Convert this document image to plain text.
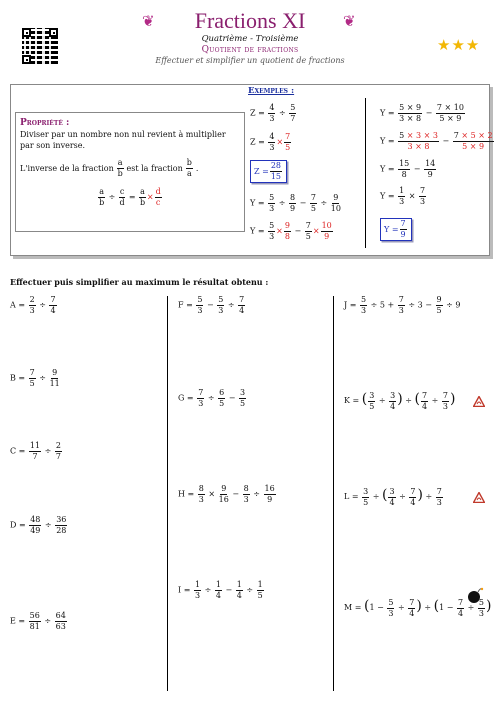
❦	❦
Fractions XI
Quatrième - Troisième
Quotient de fractions
Effectuer et simplifier un quotient de fractions
★★★
Propriété :
Diviser par un nombre non nul revient à multiplier par son inverse.
L'inverse de la fraction $\frac{a}{b}$ est la fraction $\frac{b}{a}$ .
$\frac{a}{b} \div \frac{c}{d} = \frac{a}{b} \times \frac{d}{c}$
Exemples :
$Z = \frac{4}{3} \div \frac{5}{7}$
$Z = \frac{4}{3} \times \frac{7}{5}$
$Z = \frac{28}{15}$
$Y = \frac{5}{3} \div \frac{8}{9} - \frac{7}{5} \div \frac{9}{10}$
$Y = \frac{5}{3} \times \frac{9}{8} - \frac{7}{5} \times \frac{10}{9}$
$Y = \frac{5 \times 9}{3 \times 8} - \frac{7 \times 10}{5 \times 9}$
$Y = \frac{5 \times 3 \times 3}{3 \times 8} - \frac{7 \times 5 \times 2}{5 \times 9}$
$Y = \frac{15}{8} - \frac{14}{9}$
$Y = \frac{1}{3} \times \frac{7}{3}$
$Y = \frac{7}{9}$
Effectuer puis simplifier au maximum le résultat obtenu :
$A = \frac{2}{3} \div \frac{7}{4}$
$B = \frac{7}{5} \div \frac{9}{11}$
$C = \frac{11}{7} \div \frac{2}{7}$
$D = \frac{48}{49} \div \frac{36}{28}$
$E = \frac{56}{81} \div \frac{64}{63}$
$F = \frac{5}{3} - \frac{5}{3} \div \frac{7}{4}$
$G = \frac{7}{3} \div \frac{6}{5} - \frac{3}{5}$
$H = \frac{8}{3} \times \frac{9}{16} - \frac{8}{3} \div \frac{16}{9}$
$I = \frac{1}{3} \div \frac{1}{4} - \frac{1}{4} \div \frac{1}{5}$
$J = \frac{5}{3} \div 5 + \frac{7}{3} \div 3 - \frac{9}{5} \div 9$
K = ( $\frac{3}{5} \div \frac{3}{4}$ ) ÷ ( $\frac{7}{4} \div \frac{7}{3}$ )
$L = \frac{3}{5}$ ÷ ( $\frac{3}{4} \div \frac{7}{4}$ ) ÷ $\frac{7}{3}$
$M = (1 - \frac{5}{3} \div \frac{7}{4}$ ) ÷ ($1 - \frac{7}{4} \div \frac{5}{3}$ )
